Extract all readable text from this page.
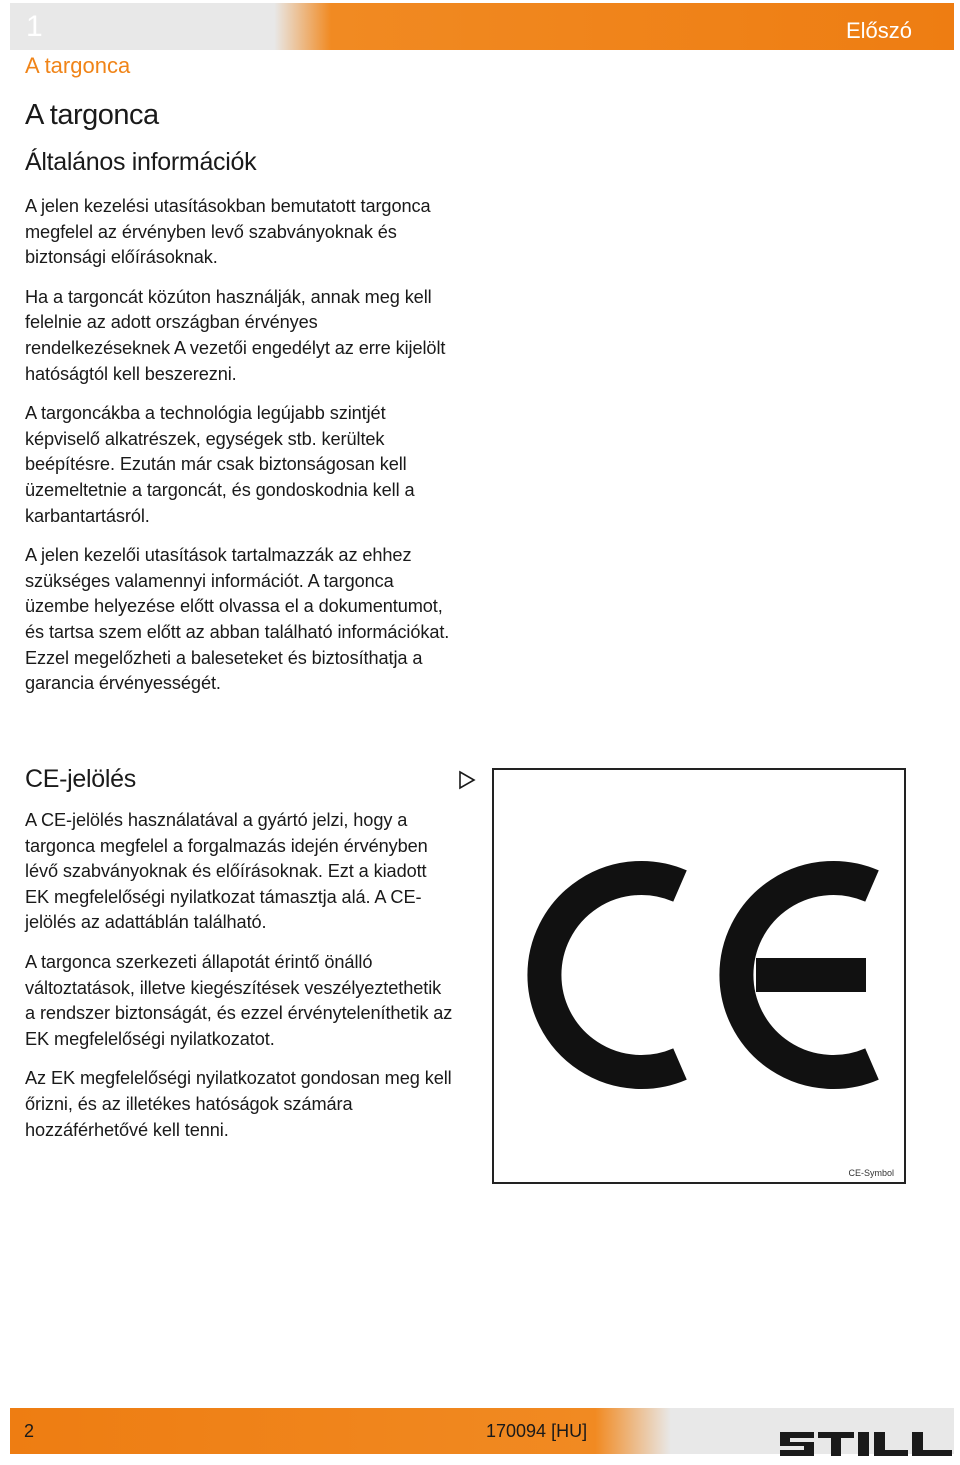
1	Előszó
A targonca
A targonca
Általános információk

A jelen kezelési utasításokban bemutatott targonca megfelel az érvényben levő szabványoknak és biztonsági előírásoknak.

Ha a targoncát közúton használják, annak meg kell felelnie az adott országban érvényes rendelkezéseknek A vezetői engedélyt az erre kijelölt hatóságtól kell beszerezni.

A targoncákba a technológia legújabb szintjét képviselő alkatrészek, egységek stb. kerültek beépítésre. Ezután már csak biztonságosan kell üzemeltetnie a targoncát, és gondoskodnia kell a karbantartásról.

A jelen kezelői utasítások tartalmazzák az ehhez szükséges valamennyi információt. A targonca üzembe helyezése előtt olvassa el a dokumentumot, és tartsa szem előtt az abban található információkat. Ezzel megelőzheti a baleseteket és biztosíthatja a garancia érvényességét.

CE-jelölés

A CE-jelölés használatával a gyártó jelzi, hogy a targonca megfelel a forgalmazás idején érvényben lévő szabványoknak és előírásoknak. Ezt a kiadott EK megfelelőségi nyilatkozat támasztja alá. A CE-jelölés az adattáblán található.

A targonca szerkezeti állapotát érintő önálló változtatások, illetve kiegészítések veszélyeztethetik a rendszer biztonságát, és ezzel érvényteleníthetik az EK megfelelőségi nyilatkozatot.

Az EK megfelelőségi nyilatkozatot gondosan meg kell őrizni, és az illetékes hatóságok számára hozzáférhetővé kell tenni.

CE-Symbol
2	170094 [HU]
